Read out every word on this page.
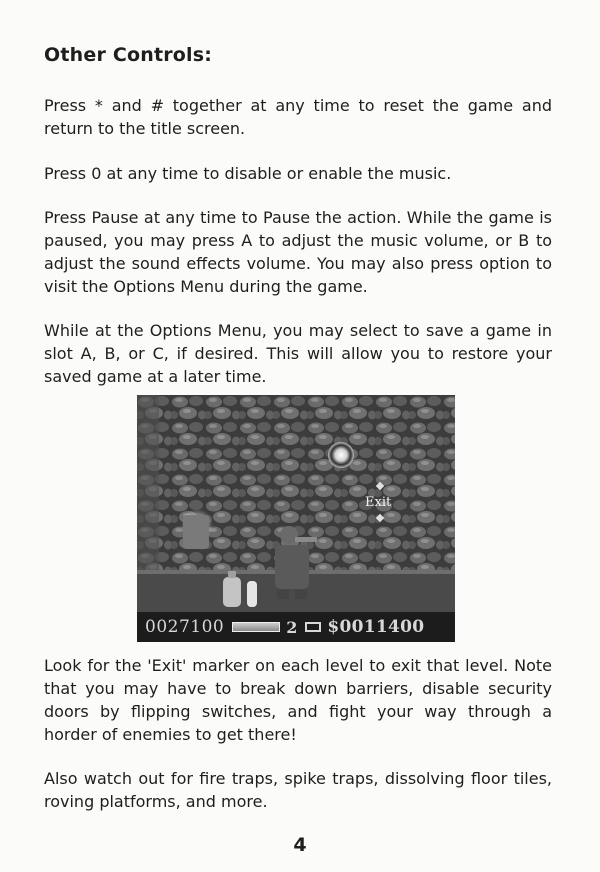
Other Controls:

Press * and # together at any time to reset the game and return to the title screen.

Press 0 at any time to disable or enable the music.

Press Pause at any time to Pause the action. While the game is paused, you may press A to adjust the music volume, or B to adjust the sound effects volume. You may also press option to visit the Options Menu during the game.

While at the Options Menu, you may select to save a game in slot A, B, or C, if desired. This will allow you to restore your saved game at a later time.

Exit

0027100	2 $0011400

Look for the 'Exit' marker on each level to exit that level. Note that you may have to break down barriers, disable security doors by flipping switches, and fight your way through a horder of enemies to get there!

Also watch out for fire traps, spike traps, dissolving floor tiles, roving platforms, and more.

4
